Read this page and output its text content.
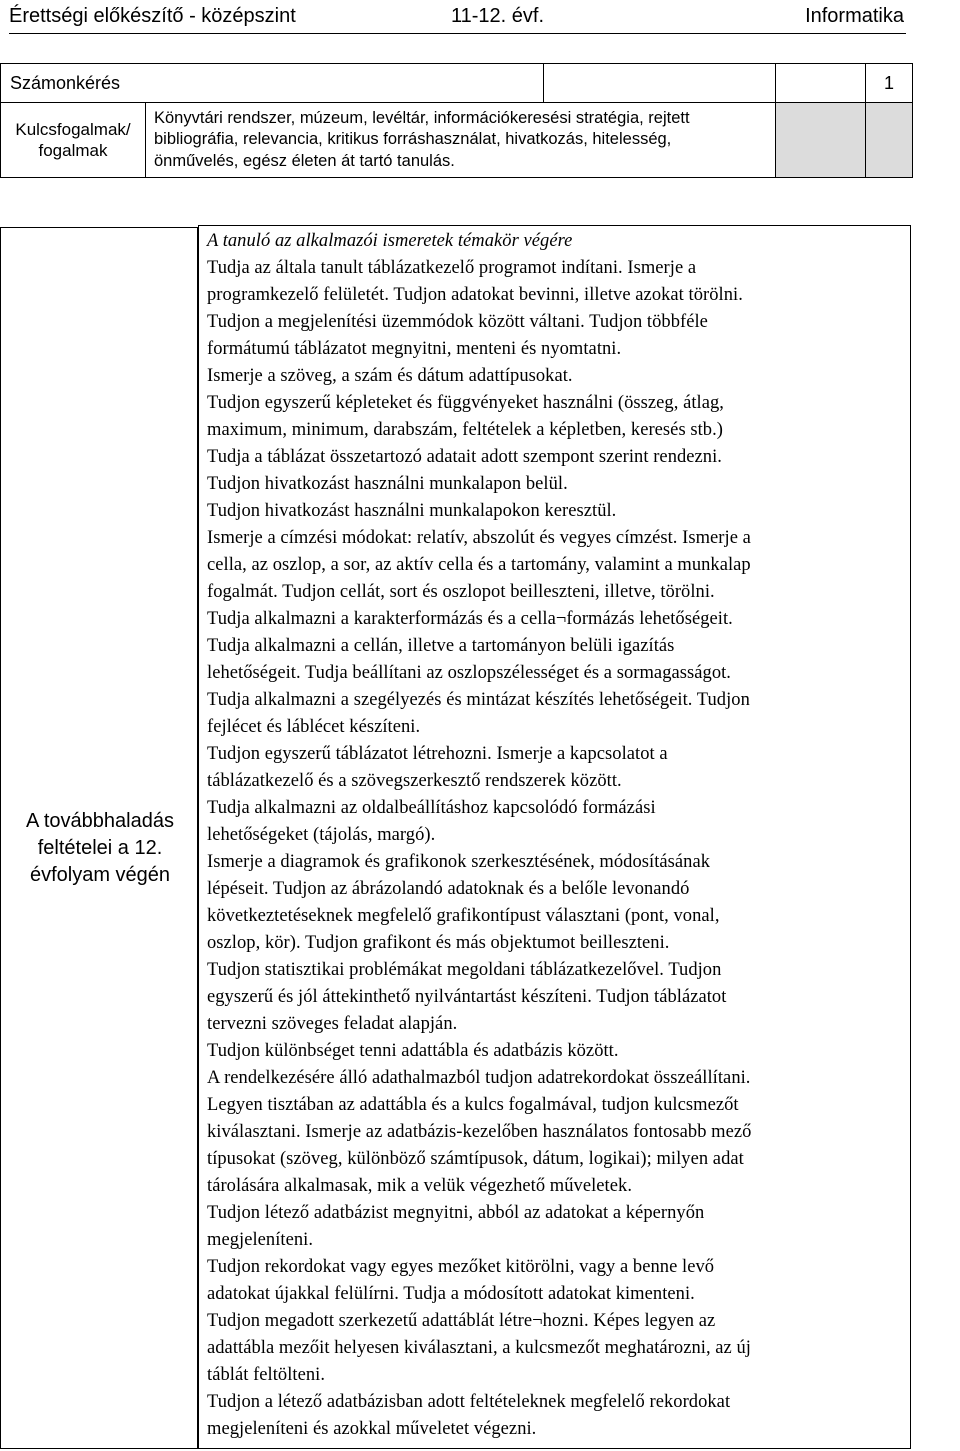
Érettségi előkészítő - középszint	11-12. évf.	Informatika
Számonkérés				1
Kulcsfogalmak/
fogalmak	Könyvtári rendszer, múzeum, levéltár, információkeresési stratégia, rejtett
bibliográfia, relevancia, kritikus forráshasználat, hivatkozás, hitelesség,
önművelés, egész életen át tartó tanulás.			
A továbbhaladás
feltételei a 12.
évfolyam végén

A tanuló az alkalmazói ismeretek témakör végére

Tudja az általa tanult táblázatkezelő programot indítani. Ismerje a

programkezelő felületét. Tudjon adatokat bevinni, illetve azokat törölni.

Tudjon a megjelenítési üzemmódok között váltani. Tudjon többféle

formátumú táblázatot megnyitni, menteni és nyomtatni.

Ismerje a szöveg, a szám és dátum adattípusokat.

Tudjon egyszerű képleteket és függvényeket használni (összeg, átlag,

maximum, minimum, darabszám, feltételek a képletben, keresés stb.)

Tudja a táblázat összetartozó adatait adott szempont szerint rendezni.

Tudjon hivatkozást használni munkalapon belül.

Tudjon hivatkozást használni munkalapokon keresztül.

Ismerje a címzési módokat: relatív, abszolút és vegyes címzést. Ismerje a

cella, az oszlop, a sor, az aktív cella és a tartomány, valamint a munkalap

fogalmát. Tudjon cellát, sort és oszlopot beilleszteni, illetve, törölni.

Tudja alkalmazni a karakterformázás és a cella¬formázás lehetőségeit.

Tudja alkalmazni a cellán, illetve a tartományon belüli igazítás

lehetőségeit. Tudja beállítani az oszlopszélességet és a sormagasságot.

Tudja alkalmazni a szegélyezés és mintázat készítés lehetőségeit. Tudjon

fejlécet és láblécet készíteni.

Tudjon egyszerű táblázatot létrehozni. Ismerje a kapcsolatot a

táblázatkezelő és a szövegszerkesztő rendszerek között.

Tudja alkalmazni az oldalbeállításhoz kapcsolódó formázási

lehetőségeket (tájolás, margó).

Ismerje a diagramok és grafikonok szerkesztésének, módosításának

lépéseit. Tudjon az ábrázolandó adatoknak és a belőle levonandó

következtetéseknek megfelelő grafikontípust választani (pont, vonal,

oszlop, kör). Tudjon grafikont és más objektumot beilleszteni.

Tudjon statisztikai problémákat megoldani táblázatkezelővel. Tudjon

egyszerű és jól áttekinthető nyilvántartást készíteni. Tudjon táblázatot

tervezni szöveges feladat alapján.

Tudjon különbséget tenni adattábla és adatbázis között.

A rendelkezésére álló adathalmazból tudjon adatrekordokat összeállítani.

Legyen tisztában az adattábla és a kulcs fogalmával, tudjon kulcsmezőt

kiválasztani. Ismerje az adatbázis-kezelőben használatos fontosabb mező

típusokat (szöveg, különböző számtípusok, dátum, logikai); milyen adat

tárolására alkalmasak, mik a velük végezhető műveletek.

Tudjon létező adatbázist megnyitni, abból az adatokat a képernyőn

megjeleníteni.

Tudjon rekordokat vagy egyes mezőket kitörölni, vagy a benne levő

adatokat újakkal felülírni. Tudja a módosított adatokat kimenteni.

Tudjon megadott szerkezetű adattáblát létre¬hozni. Képes legyen az

adattábla mezőit helyesen kiválasztani, a kulcsmezőt meghatározni, az új

táblát feltölteni.

Tudjon a létező adatbázisban adott feltételeknek megfelelő rekordokat

megjeleníteni és azokkal műveletet végezni.
